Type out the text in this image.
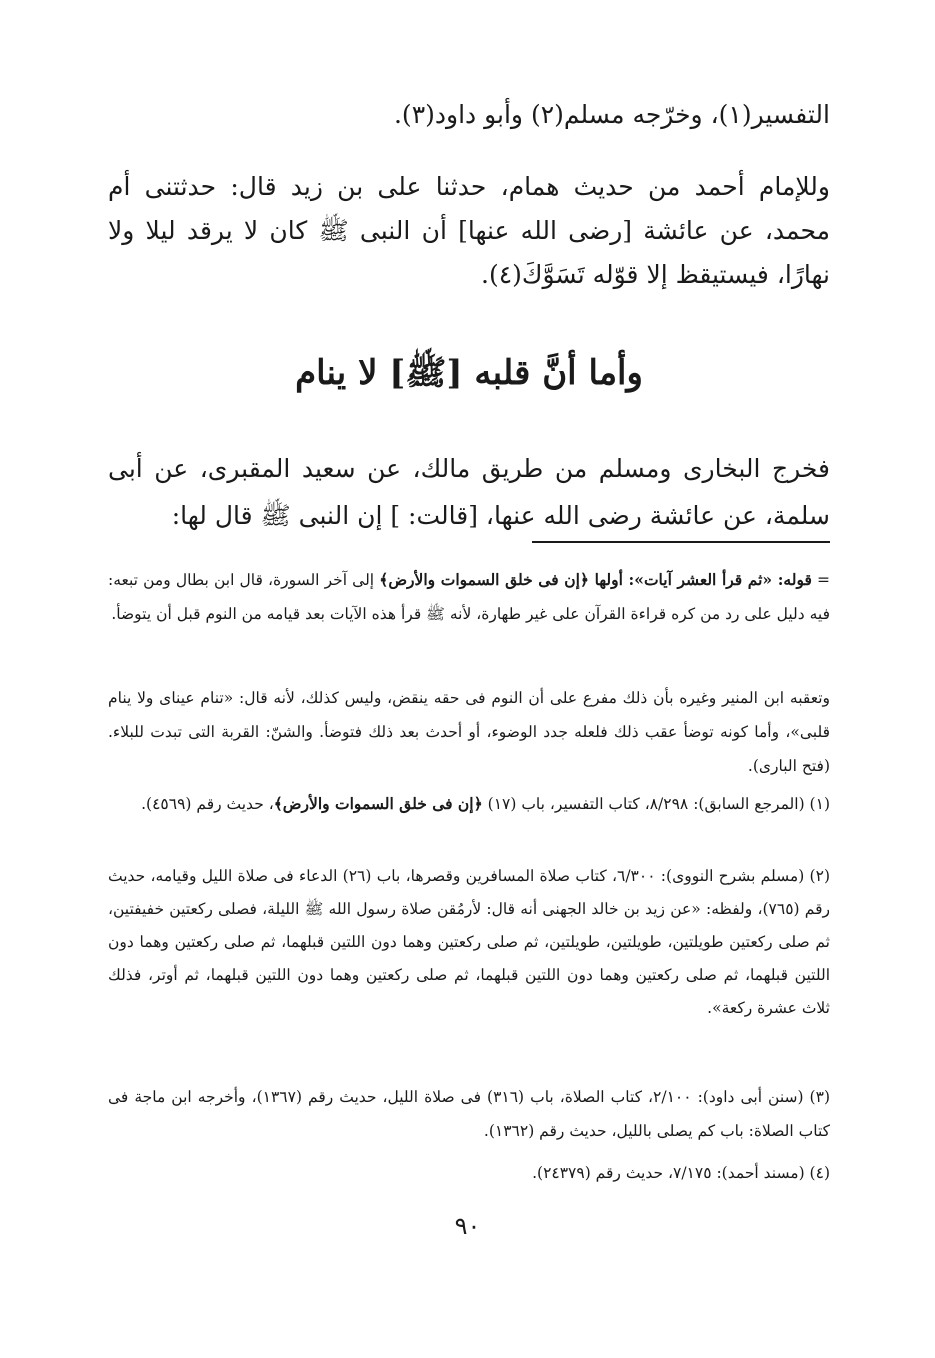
التفسير(١)، وخرّجه مسلم(٢) وأبو داود(٣).
وللإمام أحمد من حديث همام، حدثنا على بن زيد قال: حدثتنى أم محمد، عن عائشة [رضى الله عنها] أن النبى ﷺ كان لا يرقد ليلا ولا نهارًا، فيستيقظ إلا قوّله تَسَوَّكَ(٤).
وأما أنَّ قلبه [ﷺ] لا ينام
فخرج البخارى ومسلم من طريق مالك، عن سعيد المقبرى، عن أبى سلمة، عن عائشة رضى الله عنها، [قالت: ] إن النبى ﷺ قال لها:
= قوله: «ثم قرأ العشر آيات»: أولها ﴿إن فى خلق السموات والأرض﴾ إلى آخر السورة، قال ابن بطال ومن تبعه: فيه دليل على رد من كره قراءة القرآن على غير طهارة، لأنه ﷺ قرأ هذه الآيات بعد قيامه من النوم قبل أن يتوضأ.
وتعقبه ابن المنير وغيره بأن ذلك مفرع على أن النوم فى حقه ينقض، وليس كذلك، لأنه قال: «تنام عيناى ولا ينام قلبى»، وأما كونه توضأ عقب ذلك فلعله جدد الوضوء، أو أحدث بعد ذلك فتوضأ. والشنّ: القربة التى تبدت للبلاء. (فتح البارى).
(١) (المرجع السابق): ٨/٢٩٨، كتاب التفسير، باب (١٧) ﴿إن فى خلق السموات والأرض﴾، حديث رقم (٤٥٦٩).
(٢) (مسلم بشرح النووى): ٦/٣٠٠، كتاب صلاة المسافرين وقصرها، باب (٢٦) الدعاء فى صلاة الليل وقيامه، حديث رقم (٧٦٥)، ولفظه: «عن زيد بن خالد الجهنى أنه قال: لأرمُقن صلاة رسول الله ﷺ الليلة، فصلى ركعتين خفيفتين، ثم صلى ركعتين طويلتين، طويلتين، طويلتين، ثم صلى ركعتين وهما دون اللتين قبلهما، ثم صلى ركعتين وهما دون اللتين قبلهما، ثم صلى ركعتين وهما دون اللتين قبلهما، ثم صلى ركعتين وهما دون اللتين قبلهما، ثم أوتر، فذلك ثلاث عشرة ركعة».
(٣) (سنن أبى داود): ٢/١٠٠، كتاب الصلاة، باب (٣١٦) فى صلاة الليل، حديث رقم (١٣٦٧)، وأخرجه ابن ماجة فى كتاب الصلاة: باب كم يصلى بالليل، حديث رقم (١٣٦٢).
(٤) (مسند أحمد): ٧/١٧٥، حديث رقم (٢٤٣٧٩).
٩٠
